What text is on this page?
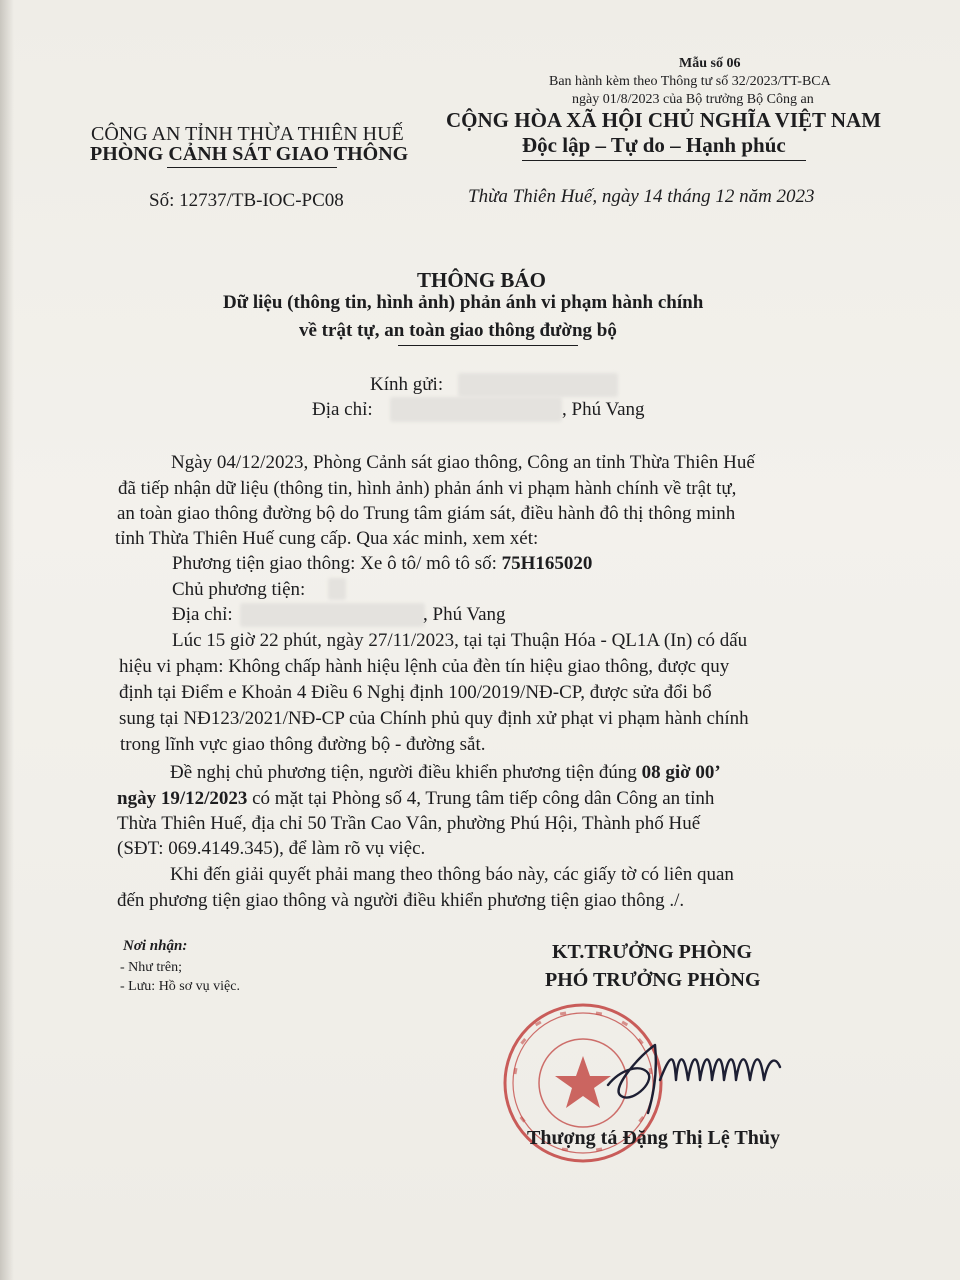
Mẫu số 06
Ban hành kèm theo Thông tư số 32/2023/TT-BCA
ngày 01/8/2023 của Bộ trưởng Bộ Công an
CÔNG AN TỈNH THỪA THIÊN HUẾ
PHÒNG CẢNH SÁT GIAO THÔNG
CỘNG HÒA XÃ HỘI CHỦ NGHĨA VIỆT NAM
Độc lập – Tự do – Hạnh phúc
Số: 12737/TB-IOC-PC08	Thừa Thiên Huế, ngày 14 tháng 12 năm 2023
THÔNG BÁO
Dữ liệu (thông tin, hình ảnh) phản ánh vi phạm hành chính
về trật tự, an toàn giao thông đường bộ
Kính gửi:
Địa chỉ:	, Phú Vang
Ngày 04/12/2023, Phòng Cảnh sát giao thông, Công an tỉnh Thừa Thiên Huế
đã tiếp nhận dữ liệu (thông tin, hình ảnh) phản ánh vi phạm hành chính về trật tự,
an toàn giao thông đường bộ do Trung tâm giám sát, điều hành đô thị thông minh
tỉnh Thừa Thiên Huế cung cấp. Qua xác minh, xem xét:
Phương tiện giao thông: Xe ô tô/ mô tô số: 75H165020
Chủ phương tiện:
Địa chỉ:	, Phú Vang
Lúc 15 giờ 22 phút, ngày 27/11/2023, tại tại Thuận Hóa - QL1A (In) có dấu
hiệu vi phạm: Không chấp hành hiệu lệnh của đèn tín hiệu giao thông, được quy
định tại Điểm e Khoản 4 Điều 6 Nghị định 100/2019/NĐ-CP, được sửa đổi bổ
sung tại NĐ123/2021/NĐ-CP của Chính phủ quy định xử phạt vi phạm hành chính
trong lĩnh vực giao thông đường bộ - đường sắt.
Đề nghị chủ phương tiện, người điều khiển phương tiện đúng 08 giờ 00’
ngày 19/12/2023 có mặt tại Phòng số 4, Trung tâm tiếp công dân Công an tỉnh
Thừa Thiên Huế, địa chỉ 50 Trần Cao Vân, phường Phú Hội, Thành phố Huế
(SĐT: 069.4149.345), để làm rõ vụ việc.
Khi đến giải quyết phải mang theo thông báo này, các giấy tờ có liên quan
đến phương tiện giao thông và người điều khiển phương tiện giao thông ./.
Nơi nhận:
- Như trên;
- Lưu: Hồ sơ vụ việc.
KT.TRƯỞNG PHÒNG
PHÓ TRƯỞNG PHÒNG
Thượng tá Đặng Thị Lệ Thủy
